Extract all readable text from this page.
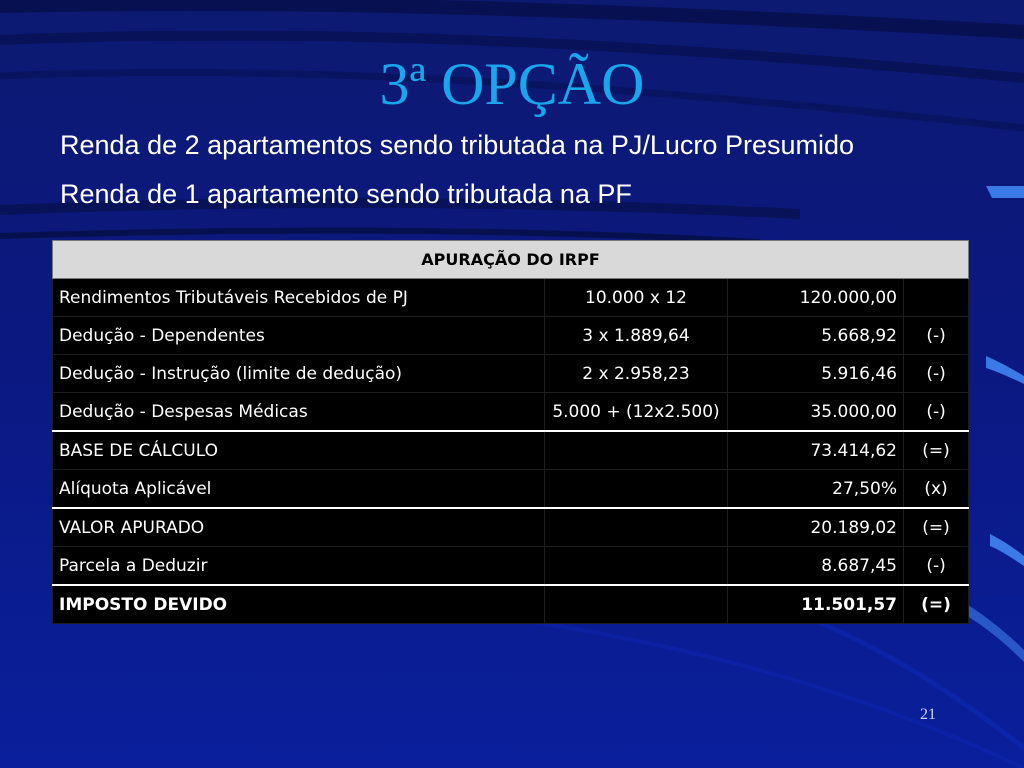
3ª OPÇÃO
Renda de 2 apartamentos sendo tributada na PJ/Lucro Presumido
Renda de 1 apartamento sendo tributada na PF
APURAÇÃO DO IRPF			
Rendimentos Tributáveis Recebidos de PJ	10.000 x 12	120.000,00	
Dedução - Dependentes	3 x 1.889,64	5.668,92	(-)
Dedução - Instrução (limite de dedução)	2 x 2.958,23	5.916,46	(-)
Dedução - Despesas Médicas	5.000 + (12x2.500)	35.000,00	(-)
BASE DE CÁLCULO		73.414,62	(=)
Alíquota Aplicável		27,50%	(x)
VALOR APURADO		20.189,02	(=)
Parcela a Deduzir		8.687,45	(-)
IMPOSTO DEVIDO		11.501,57	(=)
21
